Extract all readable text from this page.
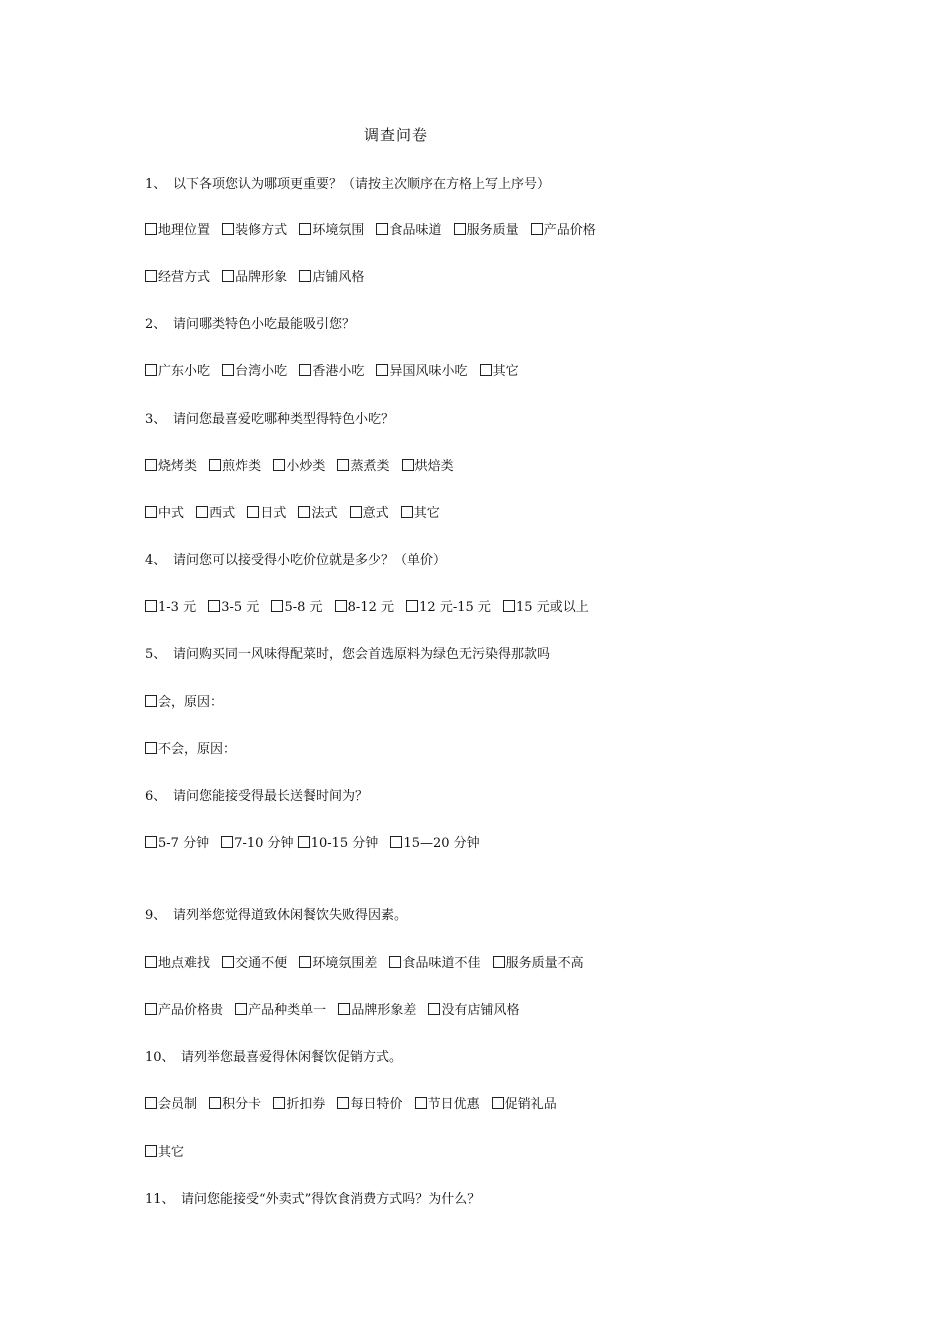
调查问卷
1、 以下各项您认为哪项更重要？（请按主次顺序在方格上写上序号）
地理位置 装修方式 环境氛围 食品味道 服务质量 产品价格
经营方式 品牌形象 店铺风格
2、 请问哪类特色小吃最能吸引您？
广东小吃 台湾小吃 香港小吃 异国风味小吃 其它
3、 请问您最喜爱吃哪种类型得特色小吃？
烧烤类 煎炸类 小炒类 蒸煮类 烘焙类
中式 西式 日式 法式 意式 其它
4、 请问您可以接受得小吃价位就是多少？（单价）
1-3 元 3-5 元 5-8 元 8-12 元 12 元-15 元 15 元或以上
5、 请问购买同一风味得配菜时，您会首选原料为绿色无污染得那款吗
会，原因：
不会，原因：
6、 请问您能接受得最长送餐时间为？
5-7 分钟 7-10 分钟 10-15 分钟 15—20 分钟
9、 请列举您觉得道致休闲餐饮失败得因素。
地点难找 交通不便 环境氛围差 食品味道不佳 服务质量不高
产品价格贵 产品种类单一 品牌形象差 没有店铺风格
10、 请列举您最喜爱得休闲餐饮促销方式。
会员制 积分卡 折扣券 每日特价 节日优惠 促销礼品
其它
11、 请问您能接受“外卖式”得饮食消费方式吗？为什么？
